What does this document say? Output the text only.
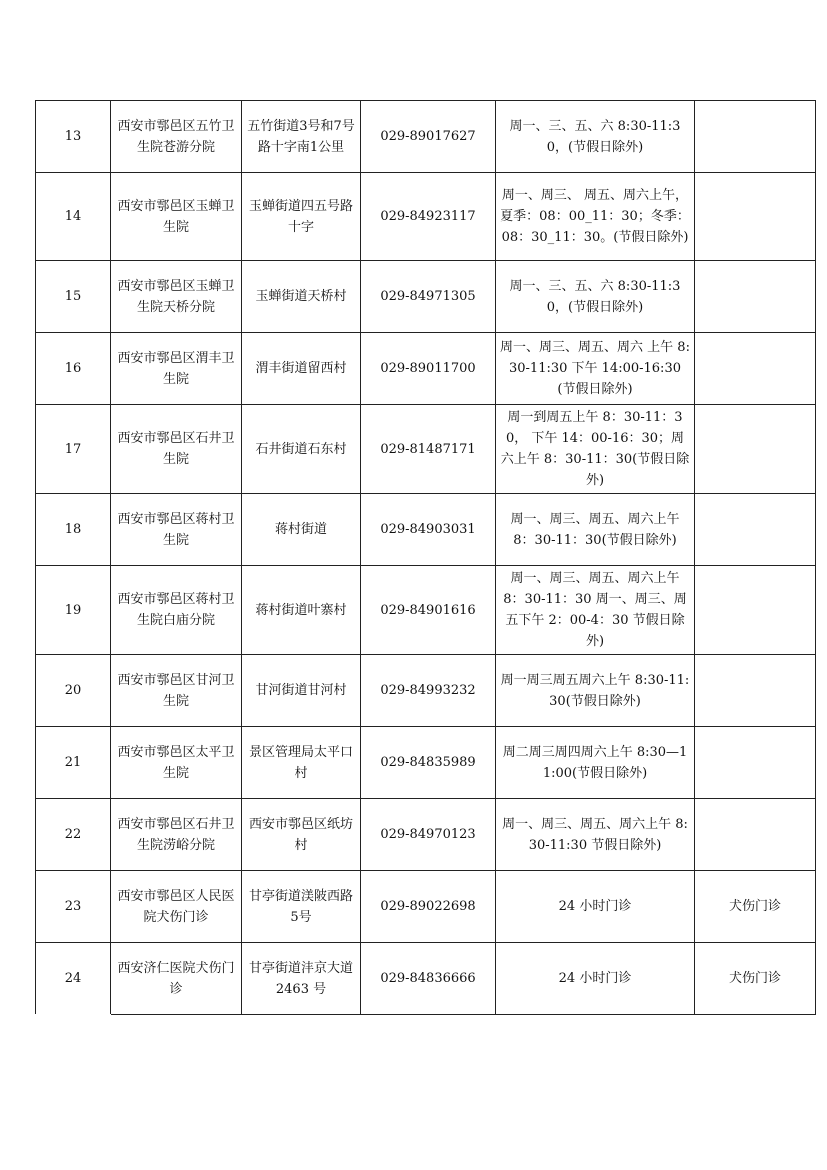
13	西安市鄠邑区五竹卫生院苍游分院	五竹街道3号和7号路十字南1公里	029-89017627	周一、三、五、六 8:30-11:30，(节假日除外)	
14	西安市鄠邑区玉蝉卫生院	玉蝉街道四五号路十字	029-84923117	周一、周三、 周五、周六上午，夏季：08：00_11：30；冬季：08：30_11：30。(节假日除外)	
15	西安市鄠邑区玉蝉卫生院天桥分院	玉蝉街道天桥村	029-84971305	周一、三、五、六 8:30-11:30，(节假日除外)	
16	西安市鄠邑区渭丰卫生院	渭丰街道留西村	029-89011700	周一、周三、周五、周六 上午 8:30-11:30 下午 14:00-16:30(节假日除外)	
17	西安市鄠邑区石井卫生院	石井街道石东村	029-81487171	周一到周五上午 8：30-11：30， 下午 14：00-16：30；周六上午 8：30-11：30(节假日除外)	
18	西安市鄠邑区蒋村卫生院	蒋村街道	029-84903031	周一、周三、周五、周六上午 8：30-11：30(节假日除外)	
19	西安市鄠邑区蒋村卫生院白庙分院	蒋村街道叶寨村	029-84901616	周一、周三、周五、周六上午 8：30-11：30 周一、周三、周五下午 2：00-4：30 节假日除外)	
20	西安市鄠邑区甘河卫生院	甘河街道甘河村	029-84993232	周一周三周五周六上午 8:30-11:30(节假日除外)	
21	西安市鄠邑区太平卫生院	景区管理局太平口村	029-84835989	周二周三周四周六上午 8:30—11:00(节假日除外)	
22	西安市鄠邑区石井卫生院涝峪分院	西安市鄠邑区纸坊村	029-84970123	周一、周三、周五、周六上午 8:30-11:30 节假日除外)	
23	西安市鄠邑区人民医院犬伤门诊	甘亭街道渼陂西路5号	029-89022698	24 小时门诊	犬伤门诊
24	西安济仁医院犬伤门诊	甘亭街道沣京大道 2463 号	029-84836666	24 小时门诊	犬伤门诊
